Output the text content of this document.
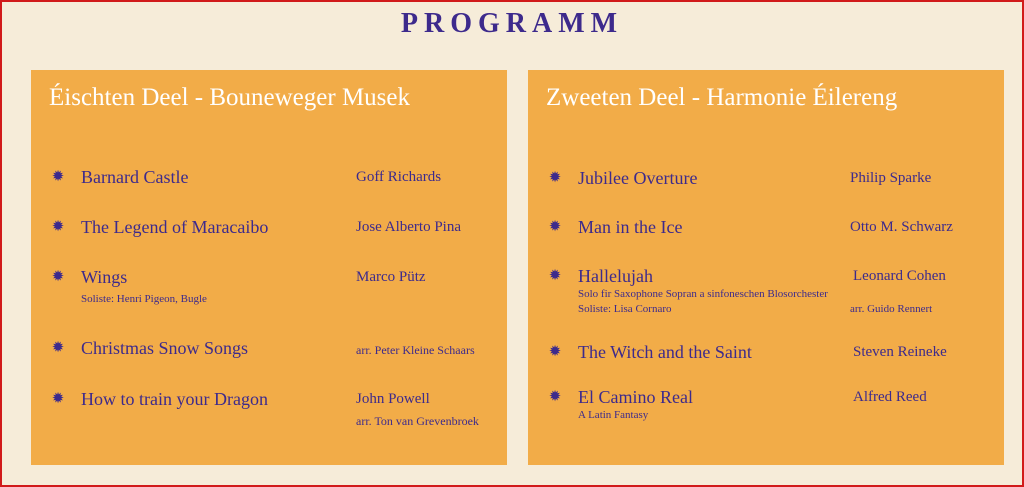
PROGRAMM
Éischten Deel - Bouneweger Musek
✹ Barnard Castle	Goff Richards
✹ The Legend of Maracaibo	Jose Alberto Pina
✹ Wings	Marco Pütz
Soliste: Henri Pigeon, Bugle
✹ Christmas Snow Songs	arr. Peter Kleine Schaars
✹ How to train your Dragon	John Powell
arr. Ton van Grevenbroek
Zweeten Deel - Harmonie Éilereng
✹ Jubilee Overture	Philip Sparke
✹ Man in the Ice	Otto M. Schwarz
✹ Hallelujah	Leonard Cohen
Solo fir Saxophone Sopran a sinfoneschen Blosorchester
Soliste: Lisa Cornaro	arr. Guido Rennert
✹ The Witch and the Saint	Steven Reineke
✹ El Camino Real	Alfred Reed
A Latin Fantasy
